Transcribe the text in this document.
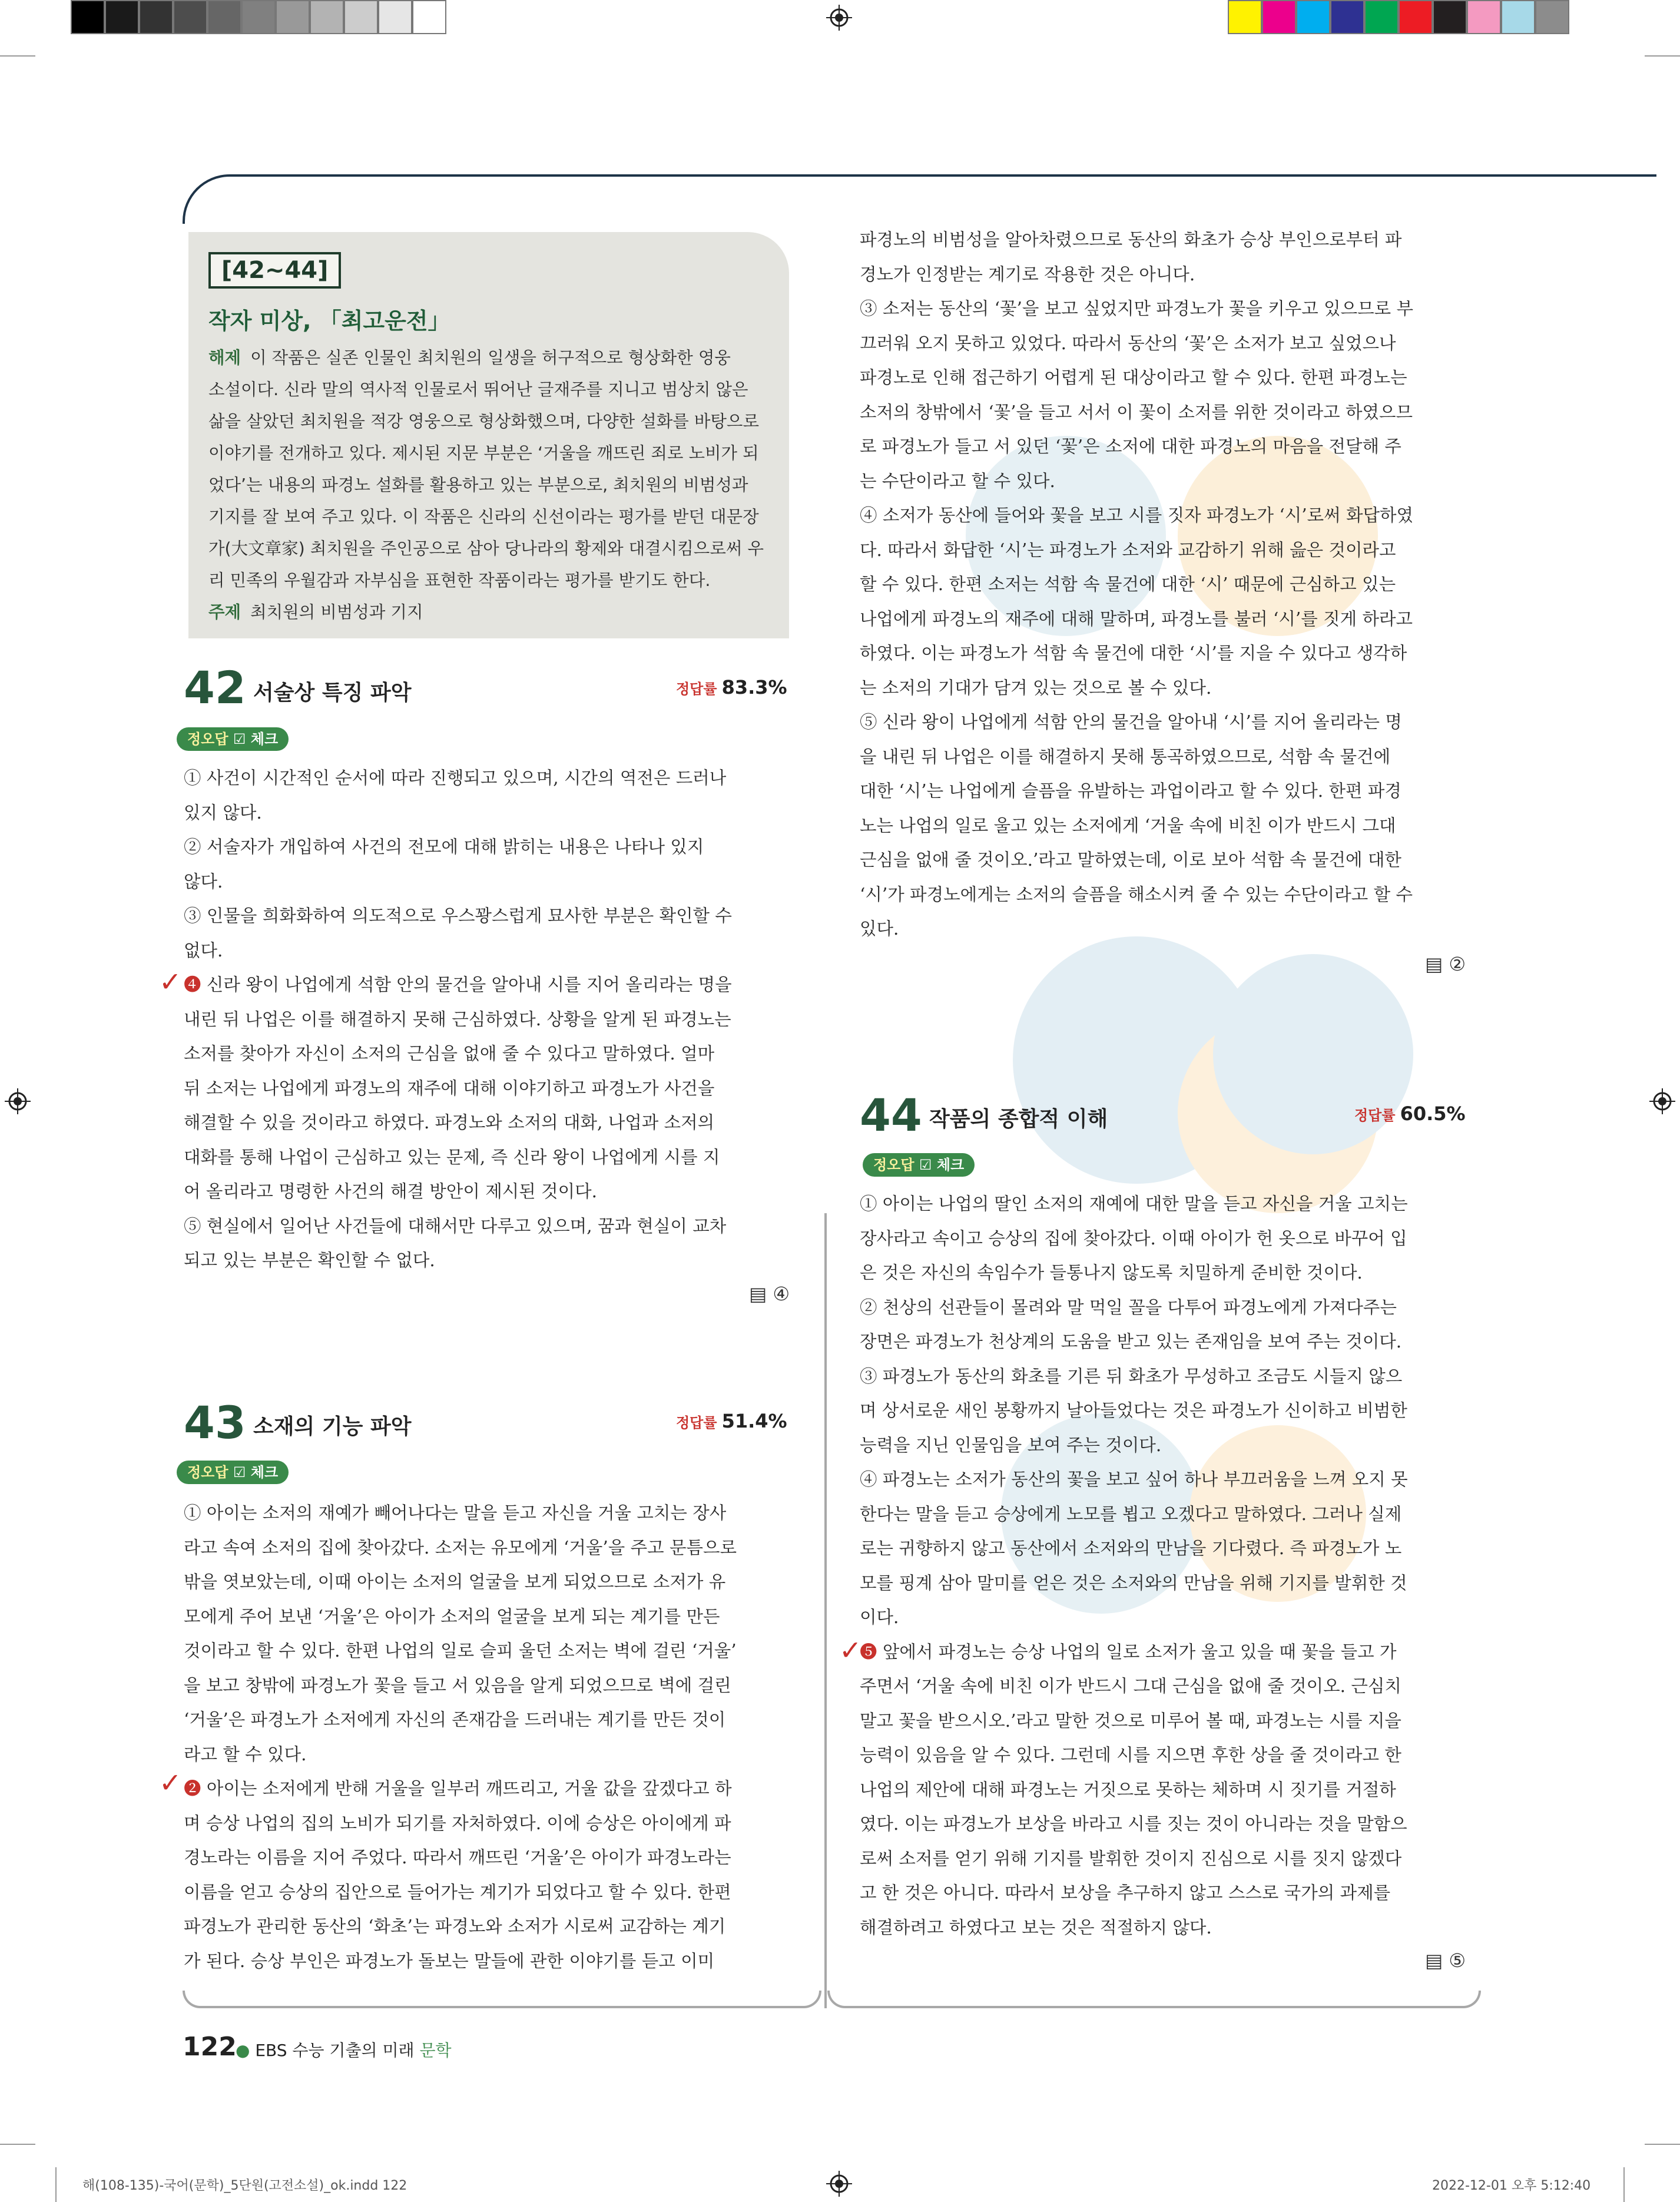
[42~44]
작자 미상, 「최고운전」
해제 이 작품은 실존 인물인 최치원의 일생을 허구적으로 형상화한 영웅
소설이다. 신라 말의 역사적 인물로서 뛰어난 글재주를 지니고 범상치 않은
삶을 살았던 최치원을 적강 영웅으로 형상화했으며, 다양한 설화를 바탕으로
이야기를 전개하고 있다. 제시된 지문 부분은 ‘거울을 깨뜨린 죄로 노비가 되
었다’는 내용의 파경노 설화를 활용하고 있는 부분으로, 최치원의 비범성과
기지를 잘 보여 주고 있다. 이 작품은 신라의 신선이라는 평가를 받던 대문장
가(大文章家) 최치원을 주인공으로 삼아 당나라의 황제와 대결시킴으로써 우
리 민족의 우월감과 자부심을 표현한 작품이라는 평가를 받기도 한다.
주제 최치원의 비범성과 기지
42 서술상 특징 파악	정답률 83.3%
정오답 ☑ 체크
✓

① 사건이 시간적인 순서에 따라 진행되고 있으며, 시간의 역전은 드러나

있지 않다.

② 서술자가 개입하여 사건의 전모에 대해 밝히는 내용은 나타나 있지

않다.

③ 인물을 희화화하여 의도적으로 우스꽝스럽게 묘사한 부분은 확인할 수

없다.

❹ 신라 왕이 나업에게 석함 안의 물건을 알아내 시를 지어 올리라는 명을

내린 뒤 나업은 이를 해결하지 못해 근심하였다. 상황을 알게 된 파경노는

소저를 찾아가 자신이 소저의 근심을 없애 줄 수 있다고 말하였다. 얼마

뒤 소저는 나업에게 파경노의 재주에 대해 이야기하고 파경노가 사건을

해결할 수 있을 것이라고 하였다. 파경노와 소저의 대화, 나업과 소저의

대화를 통해 나업이 근심하고 있는 문제, 즉 신라 왕이 나업에게 시를 지

어 올리라고 명령한 사건의 해결 방안이 제시된 것이다.

⑤ 현실에서 일어난 사건들에 대해서만 다루고 있으며, 꿈과 현실이 교차

되고 있는 부분은 확인할 수 없다.

▤ ④
43 소재의 기능 파악	정답률 51.4%
정오답 ☑ 체크
✓

① 아이는 소저의 재예가 빼어나다는 말을 듣고 자신을 거울 고치는 장사

라고 속여 소저의 집에 찾아갔다. 소저는 유모에게 ‘거울’을 주고 문틈으로

밖을 엿보았는데, 이때 아이는 소저의 얼굴을 보게 되었으므로 소저가 유

모에게 주어 보낸 ‘거울’은 아이가 소저의 얼굴을 보게 되는 계기를 만든

것이라고 할 수 있다. 한편 나업의 일로 슬피 울던 소저는 벽에 걸린 ‘거울’

을 보고 창밖에 파경노가 꽃을 들고 서 있음을 알게 되었으므로 벽에 걸린

‘거울’은 파경노가 소저에게 자신의 존재감을 드러내는 계기를 만든 것이

라고 할 수 있다.

❷ 아이는 소저에게 반해 거울을 일부러 깨뜨리고, 거울 값을 갚겠다고 하

며 승상 나업의 집의 노비가 되기를 자처하였다. 이에 승상은 아이에게 파

경노라는 이름을 지어 주었다. 따라서 깨뜨린 ‘거울’은 아이가 파경노라는

이름을 얻고 승상의 집안으로 들어가는 계기가 되었다고 할 수 있다. 한편

파경노가 관리한 동산의 ‘화초’는 파경노와 소저가 시로써 교감하는 계기

가 된다. 승상 부인은 파경노가 돌보는 말들에 관한 이야기를 듣고 이미

파경노의 비범성을 알아차렸으므로 동산의 화초가 승상 부인으로부터 파

경노가 인정받는 계기로 작용한 것은 아니다.

③ 소저는 동산의 ‘꽃’을 보고 싶었지만 파경노가 꽃을 키우고 있으므로 부

끄러워 오지 못하고 있었다. 따라서 동산의 ‘꽃’은 소저가 보고 싶었으나

파경노로 인해 접근하기 어렵게 된 대상이라고 할 수 있다. 한편 파경노는

소저의 창밖에서 ‘꽃’을 들고 서서 이 꽃이 소저를 위한 것이라고 하였으므

로 파경노가 들고 서 있던 ‘꽃’은 소저에 대한 파경노의 마음을 전달해 주

는 수단이라고 할 수 있다.

④ 소저가 동산에 들어와 꽃을 보고 시를 짓자 파경노가 ‘시’로써 화답하였

다. 따라서 화답한 ‘시’는 파경노가 소저와 교감하기 위해 읊은 것이라고

할 수 있다. 한편 소저는 석함 속 물건에 대한 ‘시’ 때문에 근심하고 있는

나업에게 파경노의 재주에 대해 말하며, 파경노를 불러 ‘시’를 짓게 하라고

하였다. 이는 파경노가 석함 속 물건에 대한 ‘시’를 지을 수 있다고 생각하

는 소저의 기대가 담겨 있는 것으로 볼 수 있다.

⑤ 신라 왕이 나업에게 석함 안의 물건을 알아내 ‘시’를 지어 올리라는 명

을 내린 뒤 나업은 이를 해결하지 못해 통곡하였으므로, 석함 속 물건에

대한 ‘시’는 나업에게 슬픔을 유발하는 과업이라고 할 수 있다. 한편 파경

노는 나업의 일로 울고 있는 소저에게 ‘거울 속에 비친 이가 반드시 그대

근심을 없애 줄 것이오.’라고 말하였는데, 이로 보아 석함 속 물건에 대한

‘시’가 파경노에게는 소저의 슬픔을 해소시켜 줄 수 있는 수단이라고 할 수

있다.

▤ ②
44 작품의 종합적 이해	정답률 60.5%
정오답 ☑ 체크
✓

① 아이는 나업의 딸인 소저의 재예에 대한 말을 듣고 자신을 거울 고치는

장사라고 속이고 승상의 집에 찾아갔다. 이때 아이가 헌 옷으로 바꾸어 입

은 것은 자신의 속임수가 들통나지 않도록 치밀하게 준비한 것이다.

② 천상의 선관들이 몰려와 말 먹일 꼴을 다투어 파경노에게 가져다주는

장면은 파경노가 천상계의 도움을 받고 있는 존재임을 보여 주는 것이다.

③ 파경노가 동산의 화초를 기른 뒤 화초가 무성하고 조금도 시들지 않으

며 상서로운 새인 봉황까지 날아들었다는 것은 파경노가 신이하고 비범한

능력을 지닌 인물임을 보여 주는 것이다.

④ 파경노는 소저가 동산의 꽃을 보고 싶어 하나 부끄러움을 느껴 오지 못

한다는 말을 듣고 승상에게 노모를 뵙고 오겠다고 말하였다. 그러나 실제

로는 귀향하지 않고 동산에서 소저와의 만남을 기다렸다. 즉 파경노가 노

모를 핑계 삼아 말미를 얻은 것은 소저와의 만남을 위해 기지를 발휘한 것

이다.

❺ 앞에서 파경노는 승상 나업의 일로 소저가 울고 있을 때 꽃을 들고 가

주면서 ‘거울 속에 비친 이가 반드시 그대 근심을 없애 줄 것이오. 근심치

말고 꽃을 받으시오.’라고 말한 것으로 미루어 볼 때, 파경노는 시를 지을

능력이 있음을 알 수 있다. 그런데 시를 지으면 후한 상을 줄 것이라고 한

나업의 제안에 대해 파경노는 거짓으로 못하는 체하며 시 짓기를 거절하

였다. 이는 파경노가 보상을 바라고 시를 짓는 것이 아니라는 것을 말함으

로써 소저를 얻기 위해 기지를 발휘한 것이지 진심으로 시를 짓지 않겠다

고 한 것은 아니다. 따라서 보상을 추구하지 않고 스스로 국가의 과제를

해결하려고 하였다고 보는 것은 적절하지 않다.

▤ ⑤
122
● EBS 수능 기출의 미래 문학
해(108-135)-국어(문학)_5단원(고전소설)_ok.indd 122	2022-12-01 오후 5:12:40
